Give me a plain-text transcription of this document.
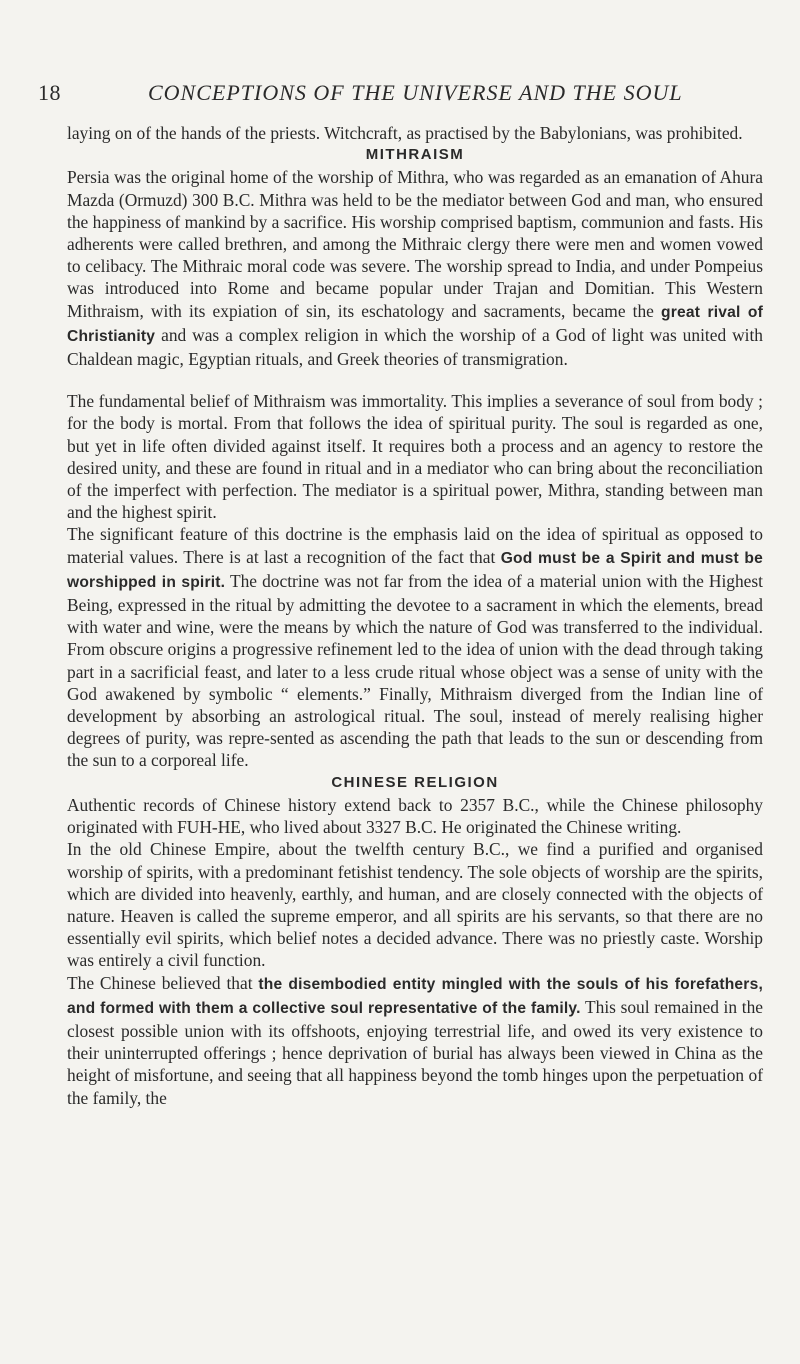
18	CONCEPTIONS OF THE UNIVERSE AND THE SOUL

laying on of the hands of the priests. Witchcraft, as practised by the Babylonians, was prohibited.

MITHRAISM

Persia was the original home of the worship of Mithra, who was regarded as an emanation of Ahura Mazda (Ormuzd) 300 B.C. Mithra was held to be the mediator between God and man, who ensured the happiness of mankind by a sacrifice. His worship comprised baptism, communion and fasts. His adherents were called brethren, and among the Mithraic clergy there were men and women vowed to celibacy. The Mithraic moral code was severe. The worship spread to India, and under Pompeius was introduced into Rome and became popular under Trajan and Domitian. This Western Mithraism, with its expiation of sin, its eschatology and sacraments, became the great rival of Christianity and was a complex religion in which the worship of a God of light was united with Chaldean magic, Egyptian rituals, and Greek theories of transmigration.

The fundamental belief of Mithraism was immortality. This implies a severance of soul from body ; for the body is mortal. From that follows the idea of spiritual purity. The soul is regarded as one, but yet in life often divided against itself. It requires both a process and an agency to restore the desired unity, and these are found in ritual and in a mediator who can bring about the reconciliation of the imperfect with perfection. The mediator is a spiritual power, Mithra, standing between man and the highest spirit.

The significant feature of this doctrine is the emphasis laid on the idea of spiritual as opposed to material values. There is at last a recognition of the fact that God must be a Spirit and must be worshipped in spirit. The doctrine was not far from the idea of a material union with the Highest Being, expressed in the ritual by admitting the devotee to a sacrament in which the elements, bread with water and wine, were the means by which the nature of God was transferred to the individual. From obscure origins a progressive refinement led to the idea of union with the dead through taking part in a sacrificial feast, and later to a less crude ritual whose object was a sense of unity with the God awakened by symbolic “ elements.” Finally, Mithraism diverged from the Indian line of development by absorbing an astrological ritual. The soul, instead of merely realising higher degrees of purity, was repre-sented as ascending the path that leads to the sun or descending from the sun to a corporeal life.

CHINESE RELIGION

Authentic records of Chinese history extend back to 2357 B.C., while the Chinese philosophy originated with FUH-HE, who lived about 3327 B.C. He originated the Chinese writing.

In the old Chinese Empire, about the twelfth century B.C., we find a purified and organised worship of spirits, with a predominant fetishist tendency. The sole objects of worship are the spirits, which are divided into heavenly, earthly, and human, and are closely connected with the objects of nature. Heaven is called the supreme emperor, and all spirits are his servants, so that there are no essentially evil spirits, which belief notes a decided advance. There was no priestly caste. Worship was entirely a civil function.

The Chinese believed that the disembodied entity mingled with the souls of his forefathers, and formed with them a collective soul representative of the family. This soul remained in the closest possible union with its offshoots, enjoying terrestrial life, and owed its very existence to their uninterrupted offerings ; hence deprivation of burial has always been viewed in China as the height of misfortune, and seeing that all happiness beyond the tomb hinges upon the perpetuation of the family, the
